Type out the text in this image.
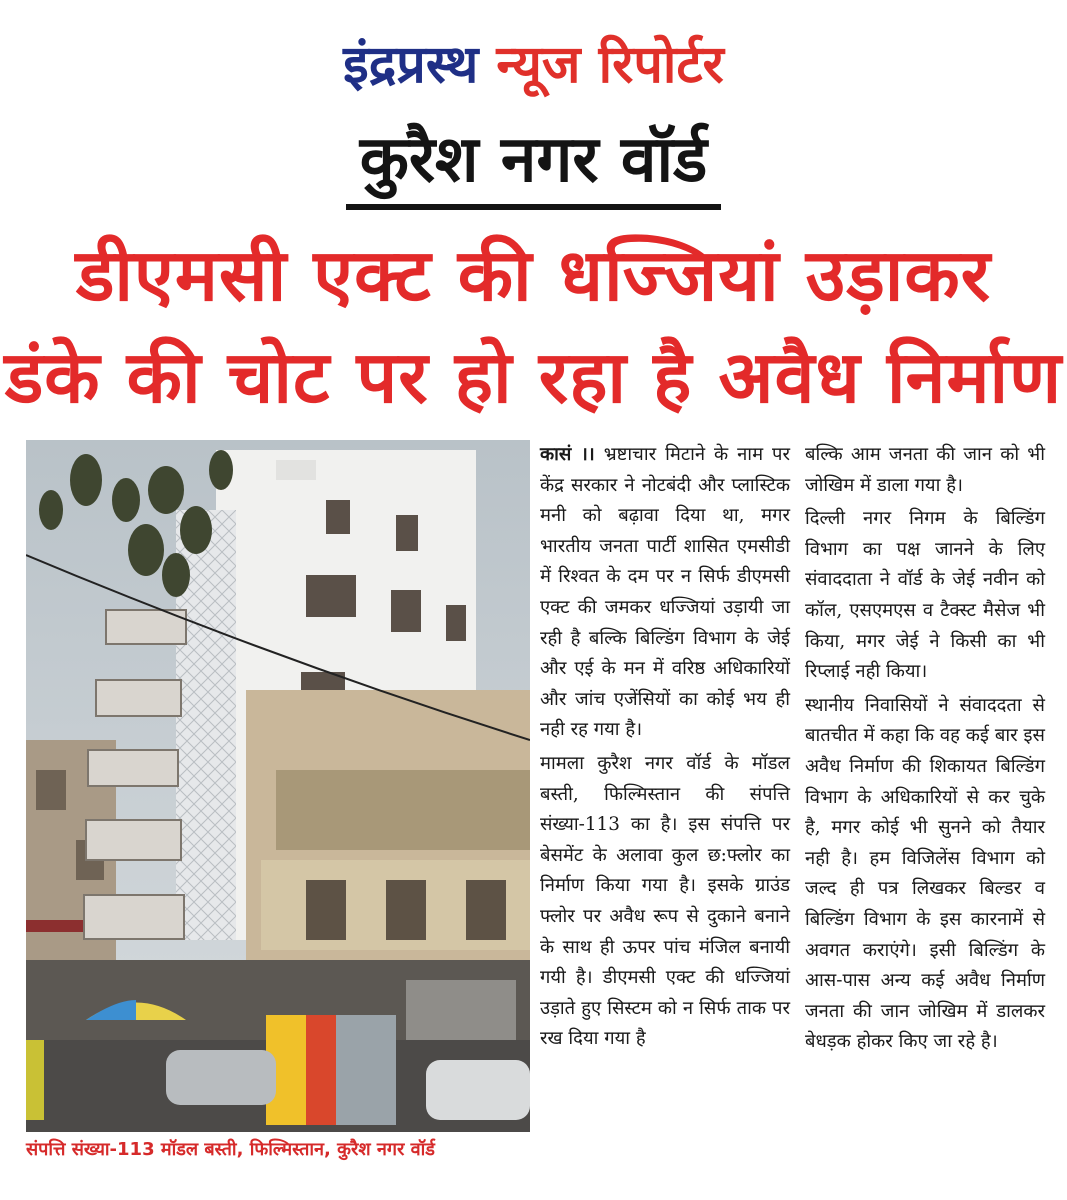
इंद्रप्रस्थ न्यूज रिपोर्टर
कुरैश नगर वॉर्ड
डीएमसी एक्ट की धज्जियां उड़ाकर
डंके की चोट पर हो रहा है अवैध निर्माण
संपत्ति संख्या-113 मॉडल बस्ती, फिल्मिस्तान, कुरैश नगर वॉर्ड

कासं ।। भ्रष्टाचार मिटाने के नाम पर केंद्र सरकार ने नोटबंदी और प्लास्टिक मनी को बढ़ावा दिया था, मगर भारतीय जनता पार्टी शासित एमसीडी में रिश्वत के दम पर न सिर्फ डीएमसी एक्ट की जमकर धज्जियां उड़ायी जा रही है बल्कि बिल्डिंग विभाग के जेई और एई के मन में वरिष्ठ अधिकारियों और जांच एजेंसियों का कोई भय ही नही रह गया है।

मामला कुरैश नगर वॉर्ड के मॉडल बस्ती, फिल्मिस्तान की संपत्ति संख्या-113 का है। इस संपत्ति पर बेसमेंट के अलावा कुल छ:फ्लोर का निर्माण किया गया है। इसके ग्राउंड फ्लोर पर अवैध रूप से दुकाने बनाने के साथ ही ऊपर पांच मंजिल बनायी गयी है। डीएमसी एक्ट की धज्जियां उड़ाते हुए सिस्टम को न सिर्फ ताक पर रख दिया गया है

बल्कि आम जनता की जान को भी जोखिम में डाला गया है।

दिल्ली नगर निगम के बिल्डिंग विभाग का पक्ष जानने के लिए संवाददाता ने वॉर्ड के जेई नवीन को कॉल, एसएमएस व टैक्स्ट मैसेज भी किया, मगर जेई ने किसी का भी रिप्लाई नही किया।

स्थानीय निवासियों ने संवाददता से बातचीत में कहा कि वह कई बार इस अवैध निर्माण की शिकायत बिल्डिंग विभाग के अधिकारियों से कर चुके है, मगर कोई भी सुनने को तैयार नही है। हम विजिलेंस विभाग को जल्द ही पत्र लिखकर बिल्डर व बिल्डिंग विभाग के इस कारनामें से अवगत कराएंगे। इसी बिल्डिंग के आस-पास अन्य कई अवैध निर्माण जनता की जान जोखिम में डालकर बेधड़क होकर किए जा रहे है।
